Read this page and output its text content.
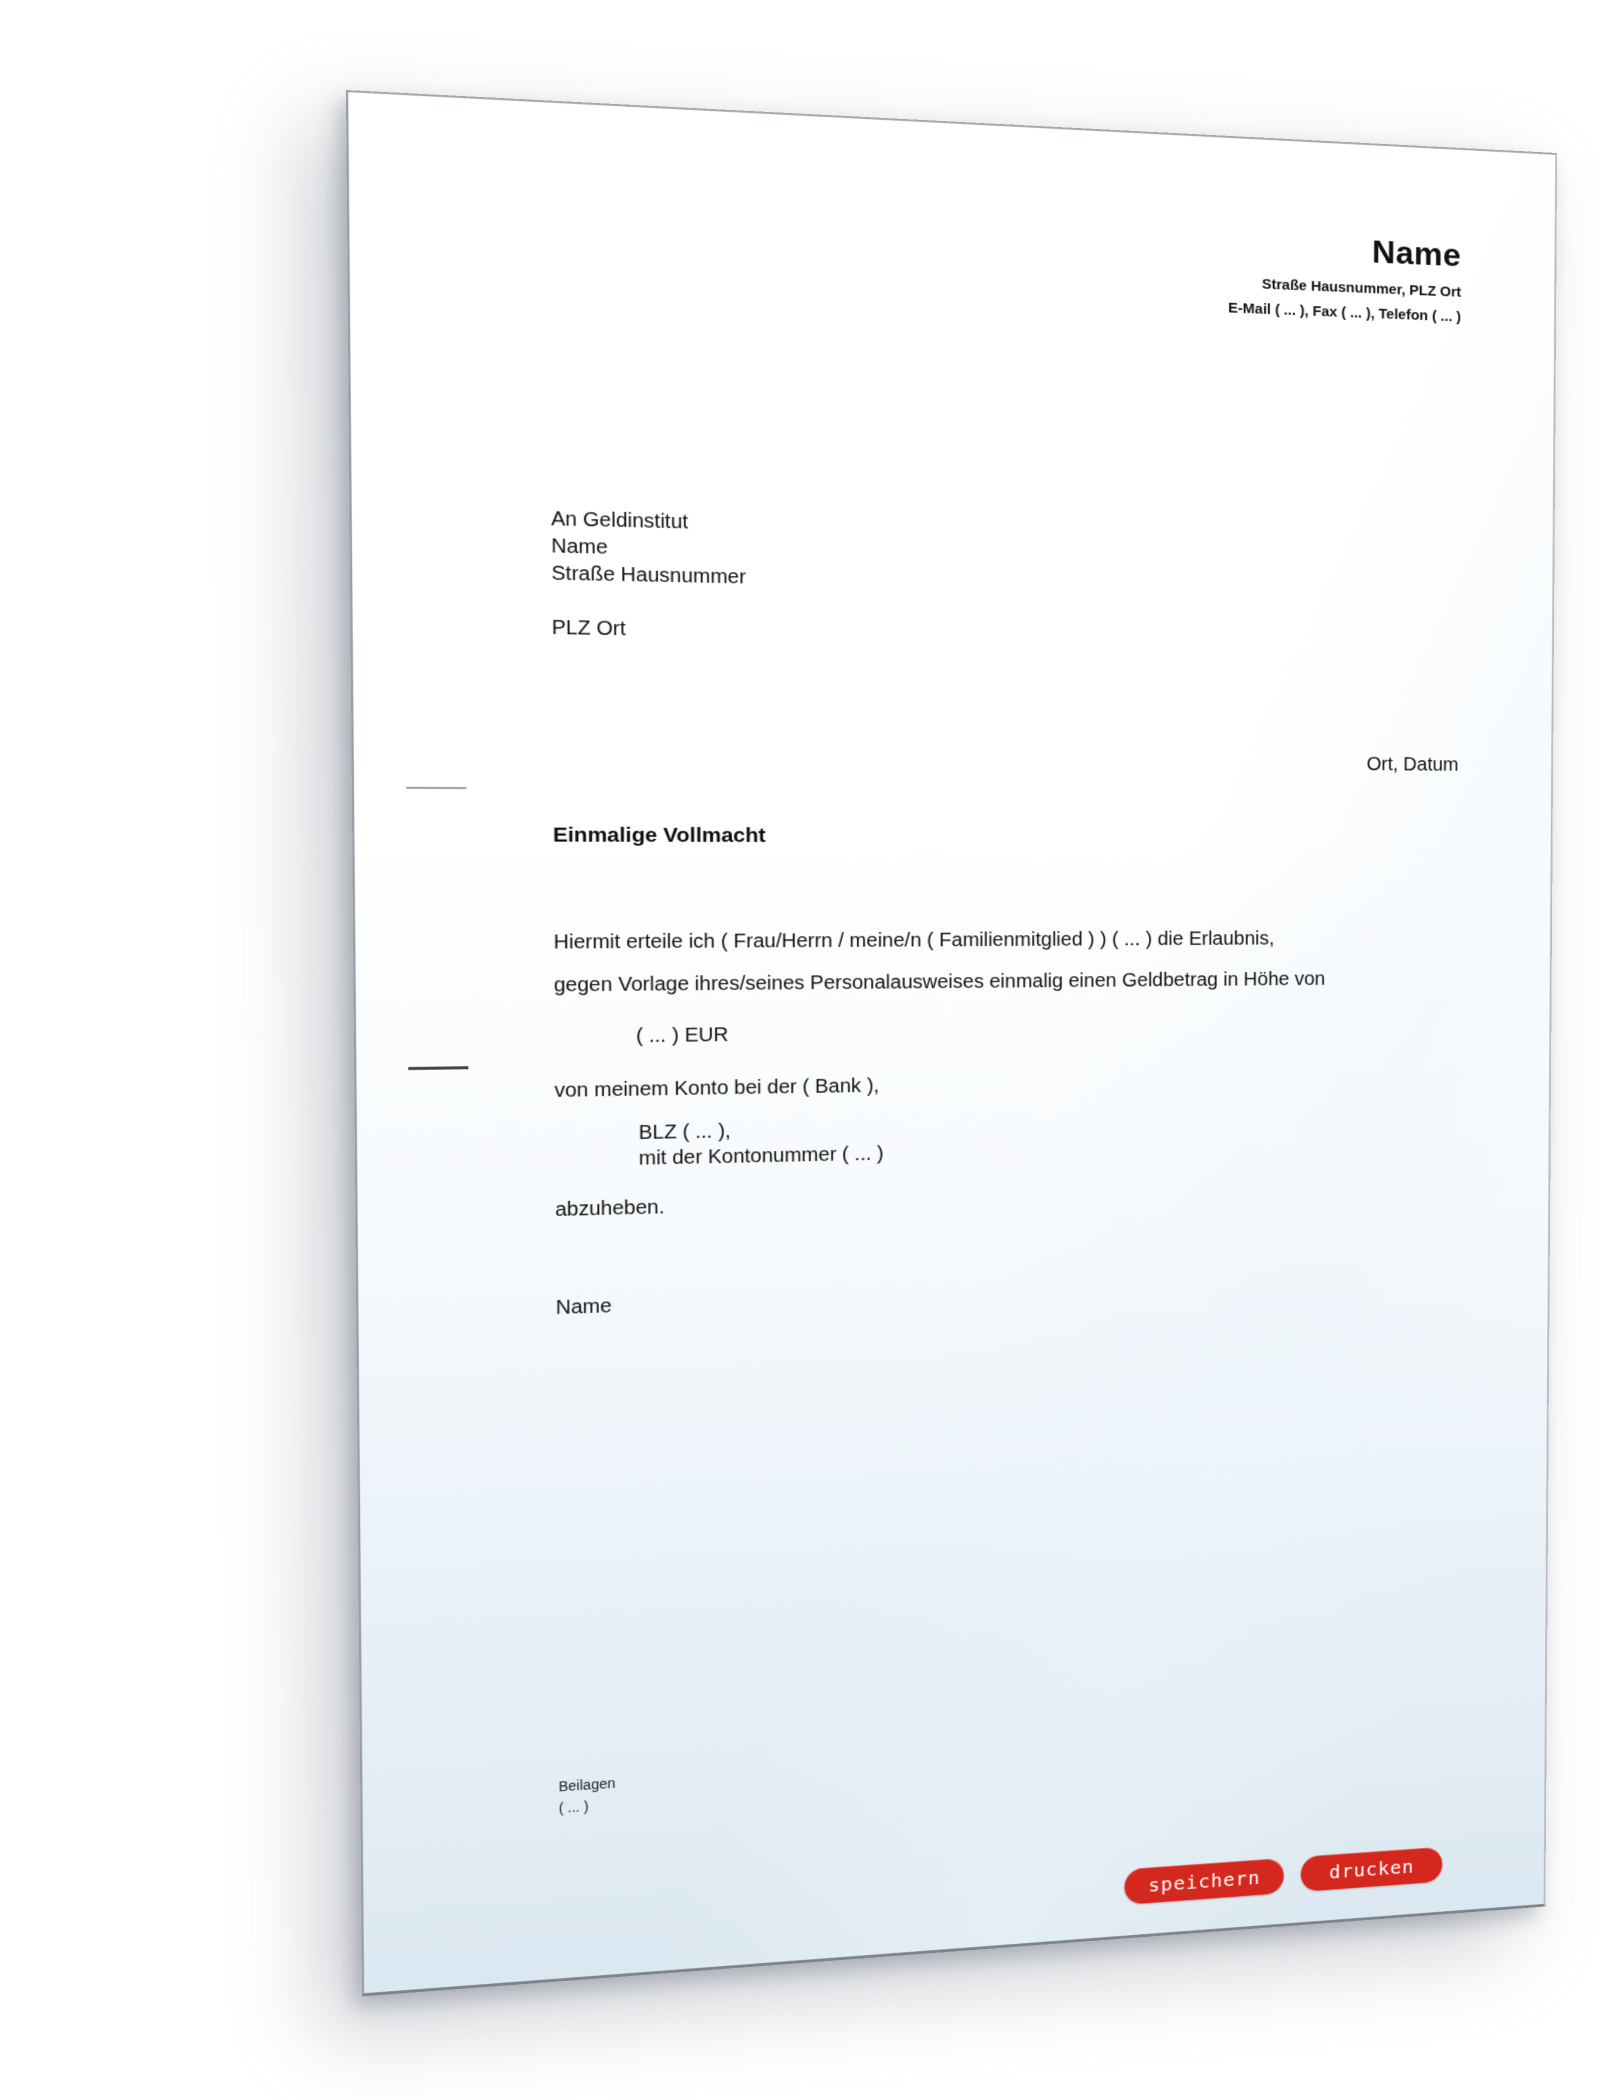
Name
Straße Hausnummer, PLZ Ort
E-Mail ( ... ), Fax ( ... ), Telefon ( ... )
An Geldinstitut
Name
Straße Hausnummer
PLZ Ort
Ort, Datum
Einmalige Vollmacht
Hiermit erteile ich ( Frau/Herrn / meine/n ( Familienmitglied ) ) ( ... ) die Erlaubnis,
gegen Vorlage ihres/seines Personalausweises einmalig einen Geldbetrag in Höhe von
( ... ) EUR
von meinem Konto bei der ( Bank ),
BLZ ( ... ),
mit der Kontonummer ( ... )
abzuheben.
Name
Beilagen
( ... )
speichern	drucken
